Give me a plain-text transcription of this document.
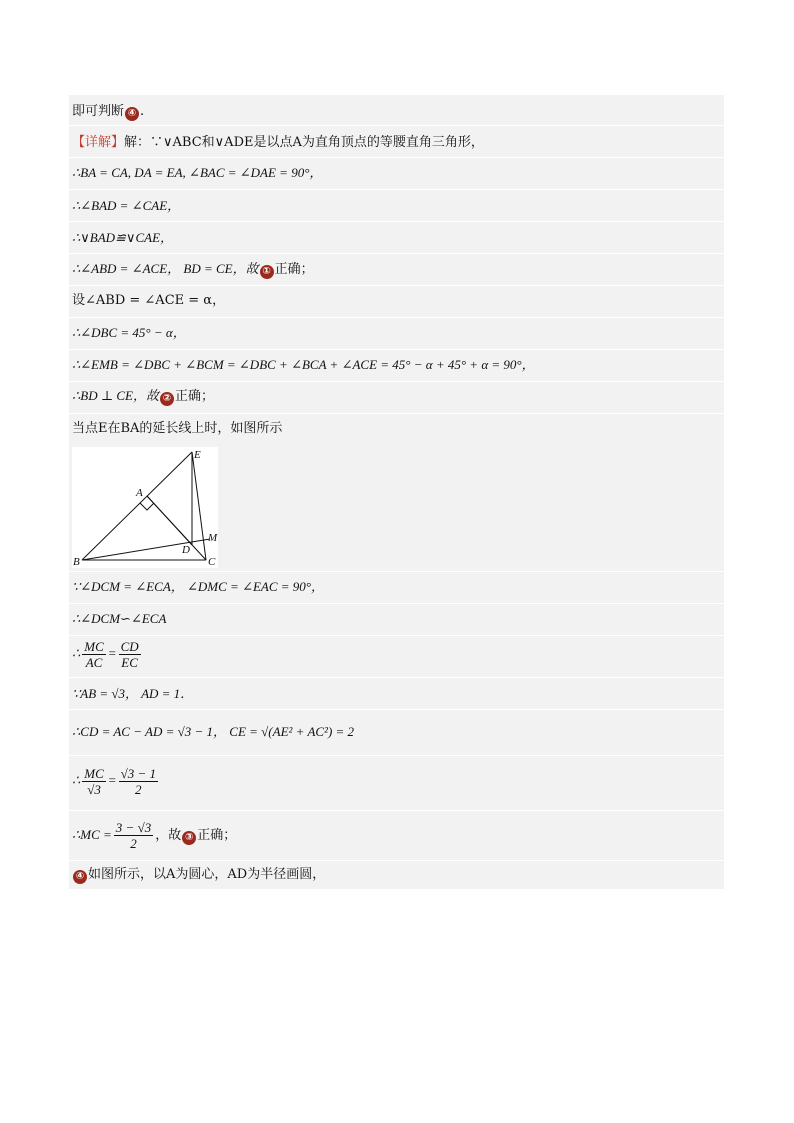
即可判断 ④ .
【详解】解：∵∨ABC和∨ADE是以点A为直角顶点的等腰直角三角形，
∴BA = CA, DA = EA, ∠BAC = ∠DAE = 90°，
∴∠BAD = ∠CAE，
∴∨BAD≌∨CAE，
∴∠ABD = ∠ACE， BD = CE，故 ① 正确；
设∠ABD = ∠ACE = α，
∴∠DBC = 45° − α，
∴∠EMB = ∠DBC + ∠BCM = ∠DBC + ∠BCA + ∠ACE = 45° − α + 45° + α = 90°，
∴BD ⊥ CE，故 ② 正确；
当点E在BA的延长线上时，如图所示
E
A
M
D
B	C
∵∠DCM = ∠ECA， ∠DMC = ∠EAC = 90°，
∴∠DCM∽∠ECA
∴ $\frac{MC}{AC} = \frac{CD}{EC}$
∵AB = √3， AD = 1．
∴CD = AC − AD = √3 − 1， CE = √(AE² + AC²) = 2
∴ $\frac{MC}{√3} = \frac{√3 - 1}{2}$
∴MC = $\frac{3 - √3}{2}$ ，故 ③ 正确；
④ 如图所示，以A为圆心，AD为半径画圆，
